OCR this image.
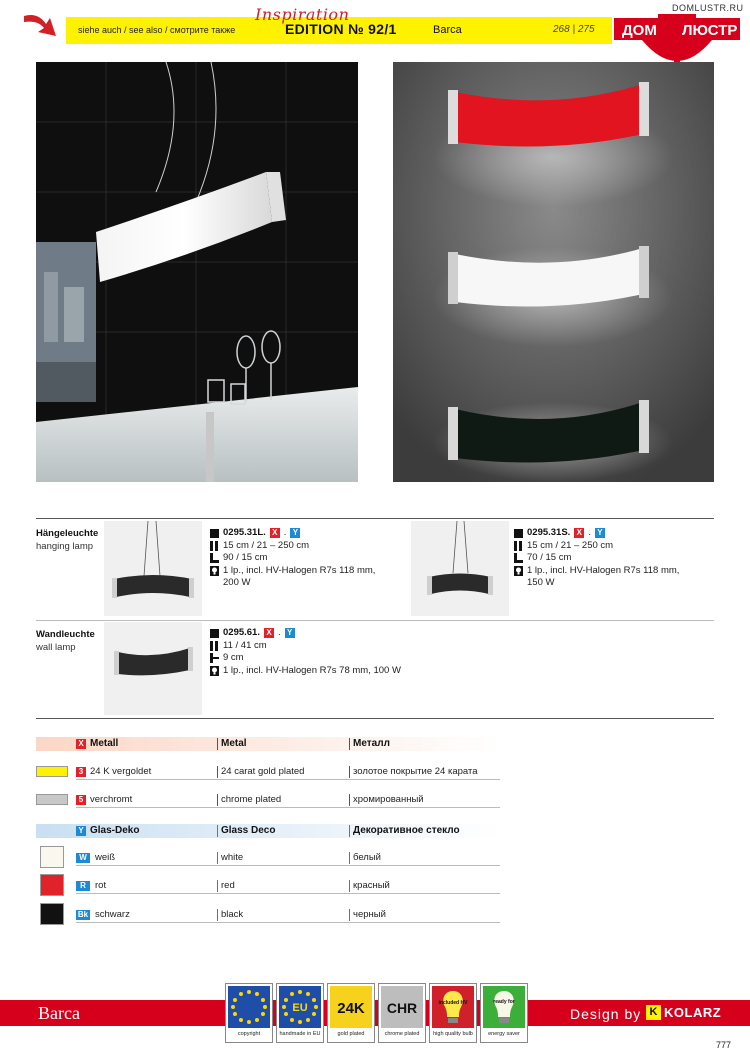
siehe auch / see also / смотрите также
Inspiration
EDITION № 92/1	Barca	268 | 275
DOMLUSTR.RU
ДОМ ЛЮСТР
Hängeleuchte
hanging lamp
0295.31L. X . Y
15 cm / 21 – 250 cm
90 / 15 cm
1 lp., incl. HV-Halogen R7s 118 mm,
200 W
0295.31S. X . Y
15 cm / 21 – 250 cm
70 / 15 cm
1 lp., incl. HV-Halogen R7s 118 mm,
150 W
Wandleuchte
wall lamp
0295.61. X . Y
11 / 41 cm
9 cm
1 lp., incl. HV-Halogen R7s 78 mm, 100 W
X Metall	Metal	Металл
3 24 K vergoldet	24 carat gold plated	золотое покрытие 24 карата
5 verchromt	chrome plated	хромированный
Y Glas-Deko	Glass Deco	Декоративное стекло
W weiß	white	белый
R rot	red	красный
Bk schwarz	black	черный
Barca	Design by K KOLARZ
copyright
EU
handmade in EU
24K
gold plated
CHR
chrome plated
included HV
high quality bulb
ready for
energy saver
777
